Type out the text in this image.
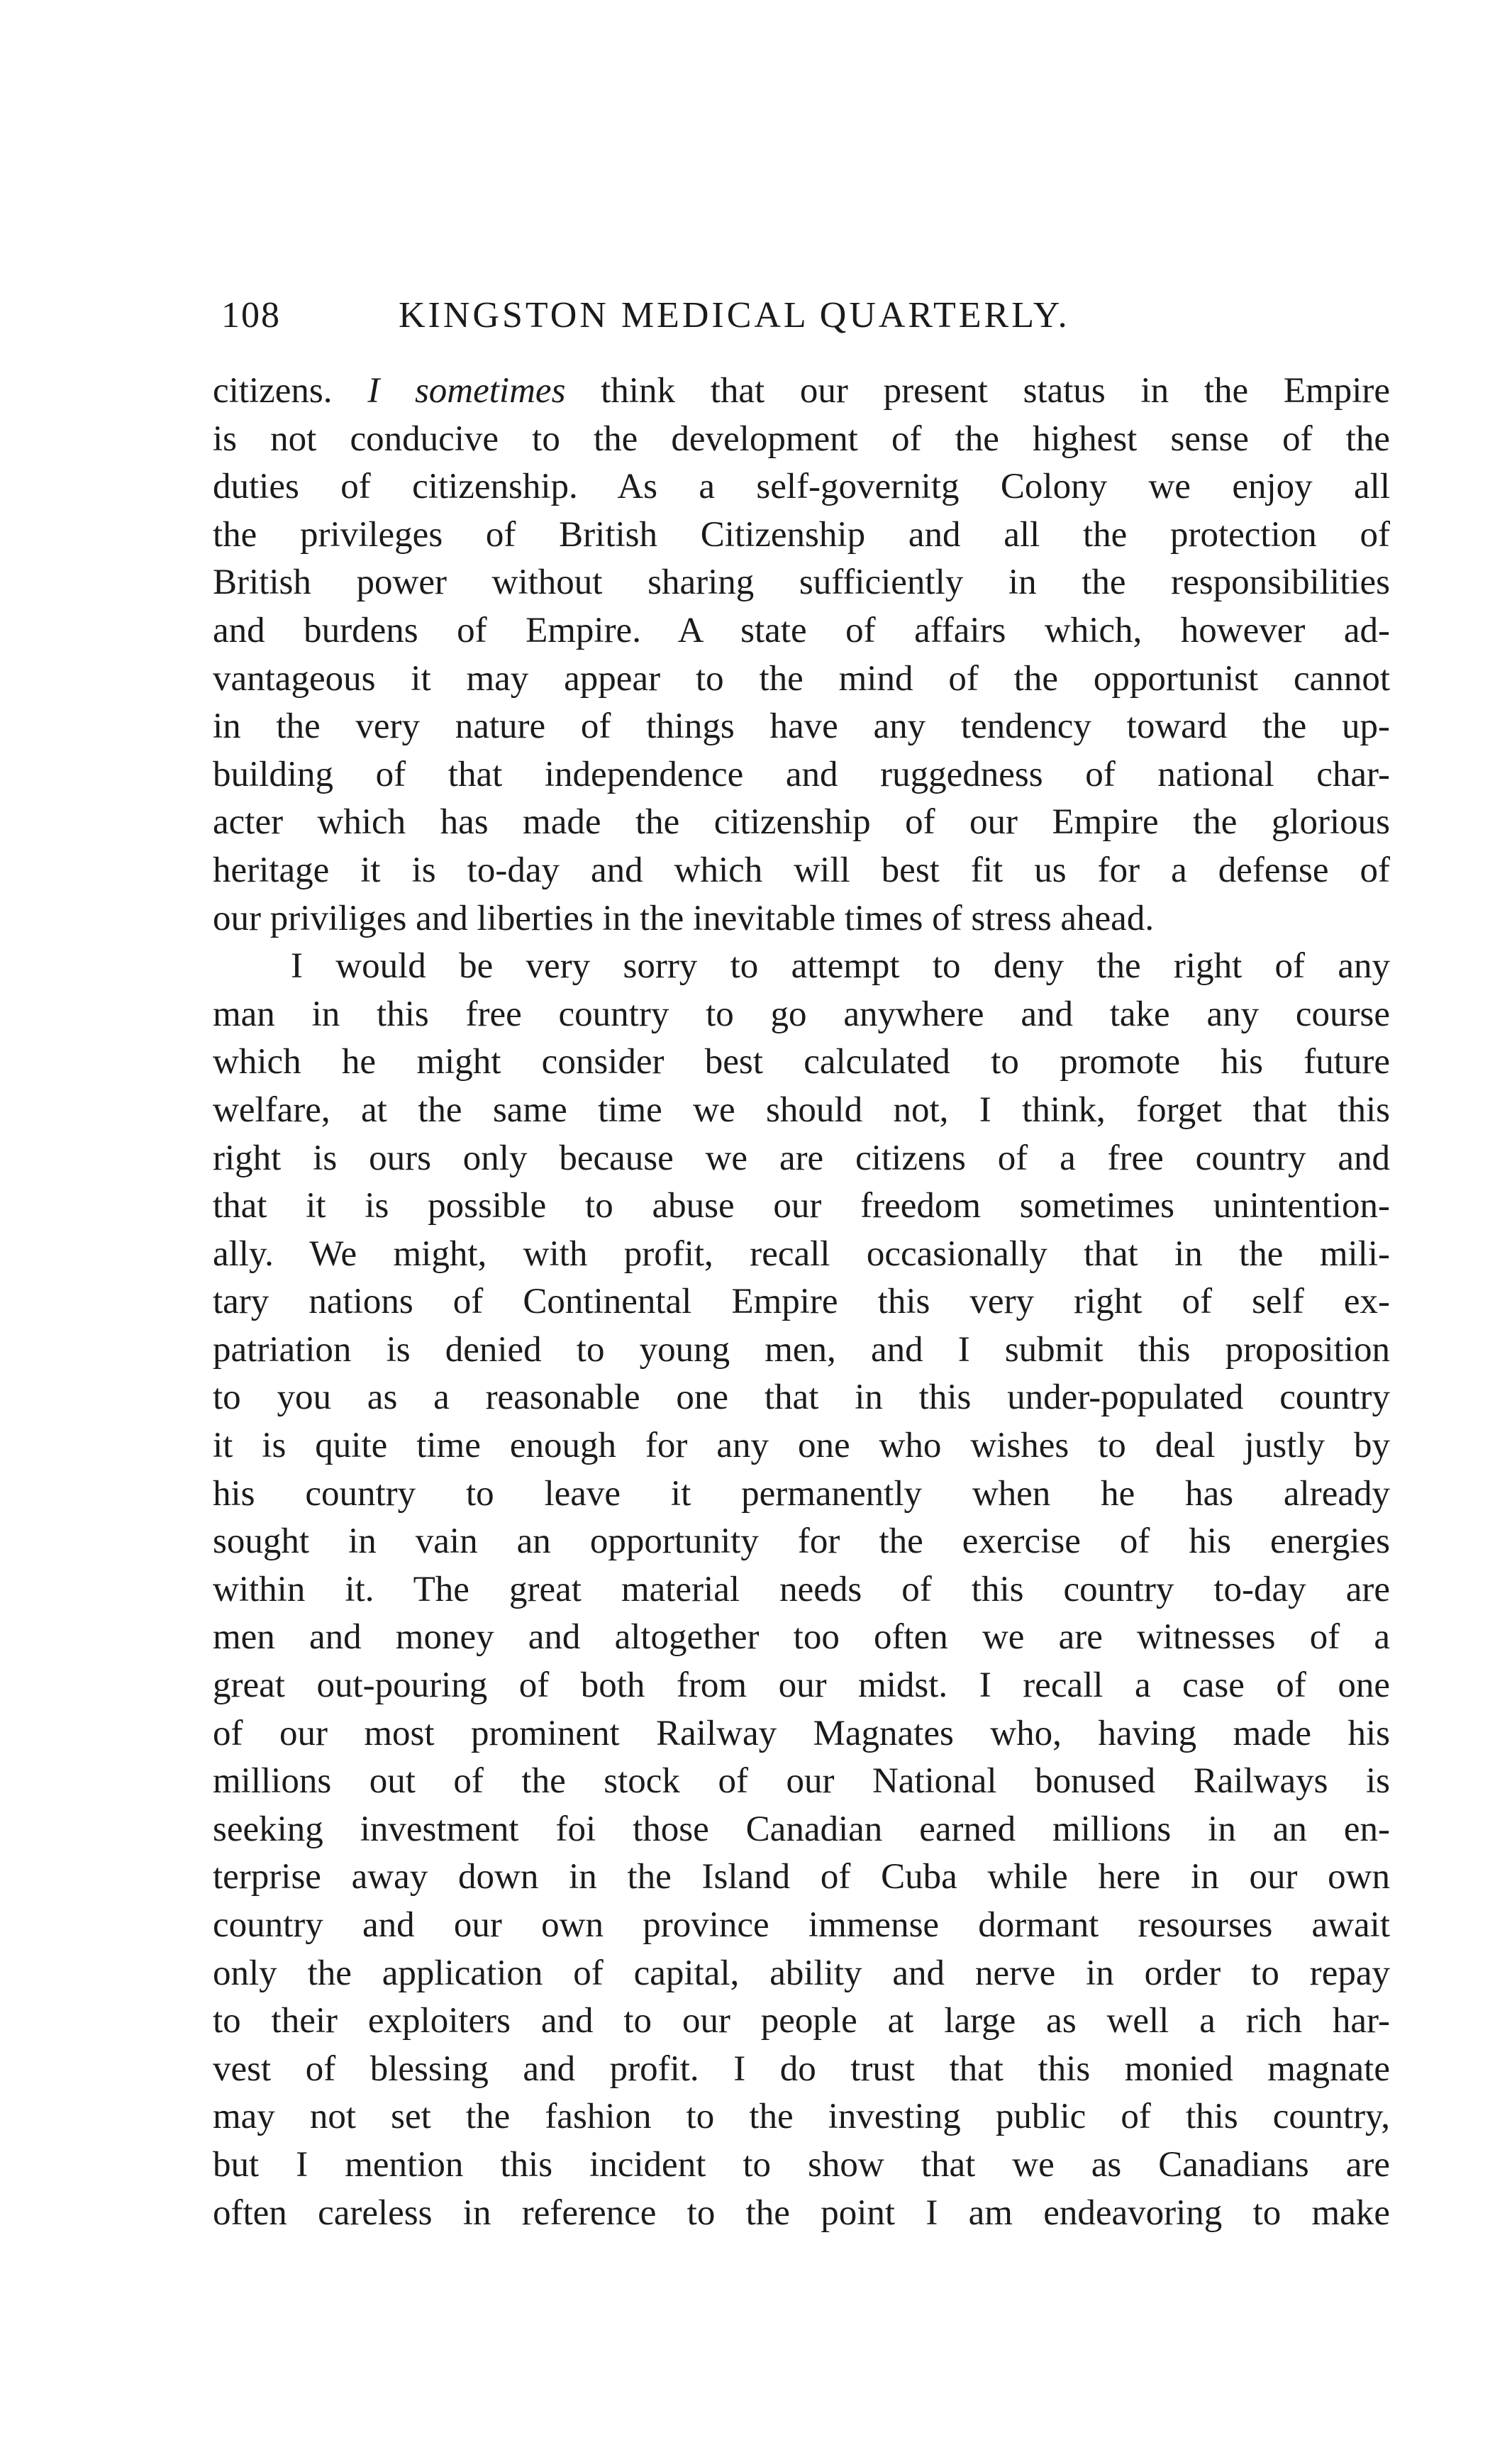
108	KINGSTON MEDICAL QUARTERLY.
citizens. I sometimes think that our present status in the Empire
is not conducive to the development of the highest sense of the
duties of citizenship. As a self-governitg Colony we enjoy all
the privileges of British Citizenship and all the protection of
British power without sharing sufficiently in the responsibilities
and burdens of Empire. A state of affairs which, however ad-
vantageous it may appear to the mind of the opportunist cannot
in the very nature of things have any tendency toward the up-
building of that independence and ruggedness of national char-
acter which has made the citizenship of our Empire the glorious
heritage it is to-day and which will best fit us for a defense of
our priviliges and liberties in the inevitable times of stress ahead.
I would be very sorry to attempt to deny the right of any
man in this free country to go anywhere and take any course
which he might consider best calculated to promote his future
welfare, at the same time we should not, I think, forget that this
right is ours only because we are citizens of a free country and
that it is possible to abuse our freedom sometimes unintention-
ally. We might, with profit, recall occasionally that in the mili-
tary nations of Continental Empire this very right of self ex-
patriation is denied to young men, and I submit this proposition
to you as a reasonable one that in this under-populated country
it is quite time enough for any one who wishes to deal justly by
his country to leave it permanently when he has already
sought in vain an opportunity for the exercise of his energies
within it. The great material needs of this country to-day are
men and money and altogether too often we are witnesses of a
great out-pouring of both from our midst. I recall a case of one
of our most prominent Railway Magnates who, having made his
millions out of the stock of our National bonused Railways is
seeking investment foi those Canadian earned millions in an en-
terprise away down in the Island of Cuba while here in our own
country and our own province immense dormant resourses await
only the application of capital, ability and nerve in order to repay
to their exploiters and to our people at large as well a rich har-
vest of blessing and profit. I do trust that this monied magnate
may not set the fashion to the investing public of this country,
but I mention this incident to show that we as Canadians are
often careless in reference to the point I am endeavoring to make
